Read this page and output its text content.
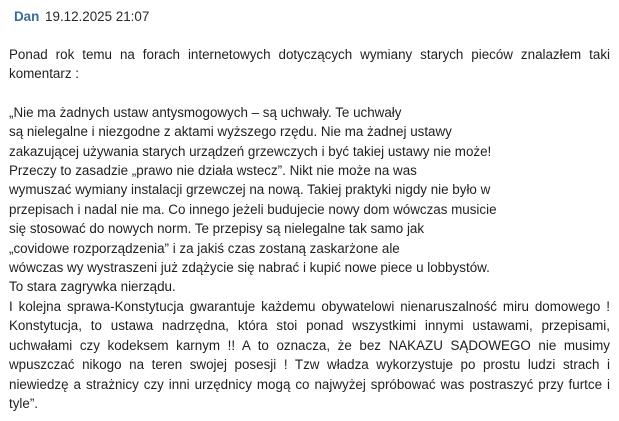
Dan 19.12.2025 21:07

Ponad rok temu na forach internetowych dotyczących wymiany starych pieców znalazłem taki komentarz :

„Nie ma żadnych ustaw antysmogowych – są uchwały. Te uchwały
są nielegalne i niezgodne z aktami wyższego rzędu. Nie ma żadnej ustawy
zakazującej używania starych urządzeń grzewczych i być takiej ustawy nie może!
Przeczy to zasadzie „prawo nie działa wstecz”. Nikt nie może na was
wymuszać wymiany instalacji grzewczej na nową. Takiej praktyki nigdy nie było w
przepisach i nadal nie ma. Co innego jeżeli budujecie nowy dom wówczas musicie
się stosować do nowych norm. Te przepisy są nielegalne tak samo jak
„covidowe rozporządzenia” i za jakiś czas zostaną zaskarżone ale
wówczas wy wystraszeni już zdążycie się nabrać i kupić nowe piece u lobbystów.
To stara zagrywka nierządu.

I kolejna sprawa-Konstytucja gwarantuje każdemu obywatelowi nienaruszalność miru domowego ! Konstytucja, to ustawa nadrzędna, która stoi ponad wszystkimi innymi ustawami, przepisami, uchwałami czy kodeksem karnym !! A to oznacza, że bez NAKAZU SĄDOWEGO nie musimy wpuszczać nikogo na teren swojej posesji ! Tzw władza wykorzystuje po prostu ludzi strach i niewiedzę a strażnicy czy inni urzędnicy mogą co najwyżej spróbować was postraszyć przy furtce i tyle”.
